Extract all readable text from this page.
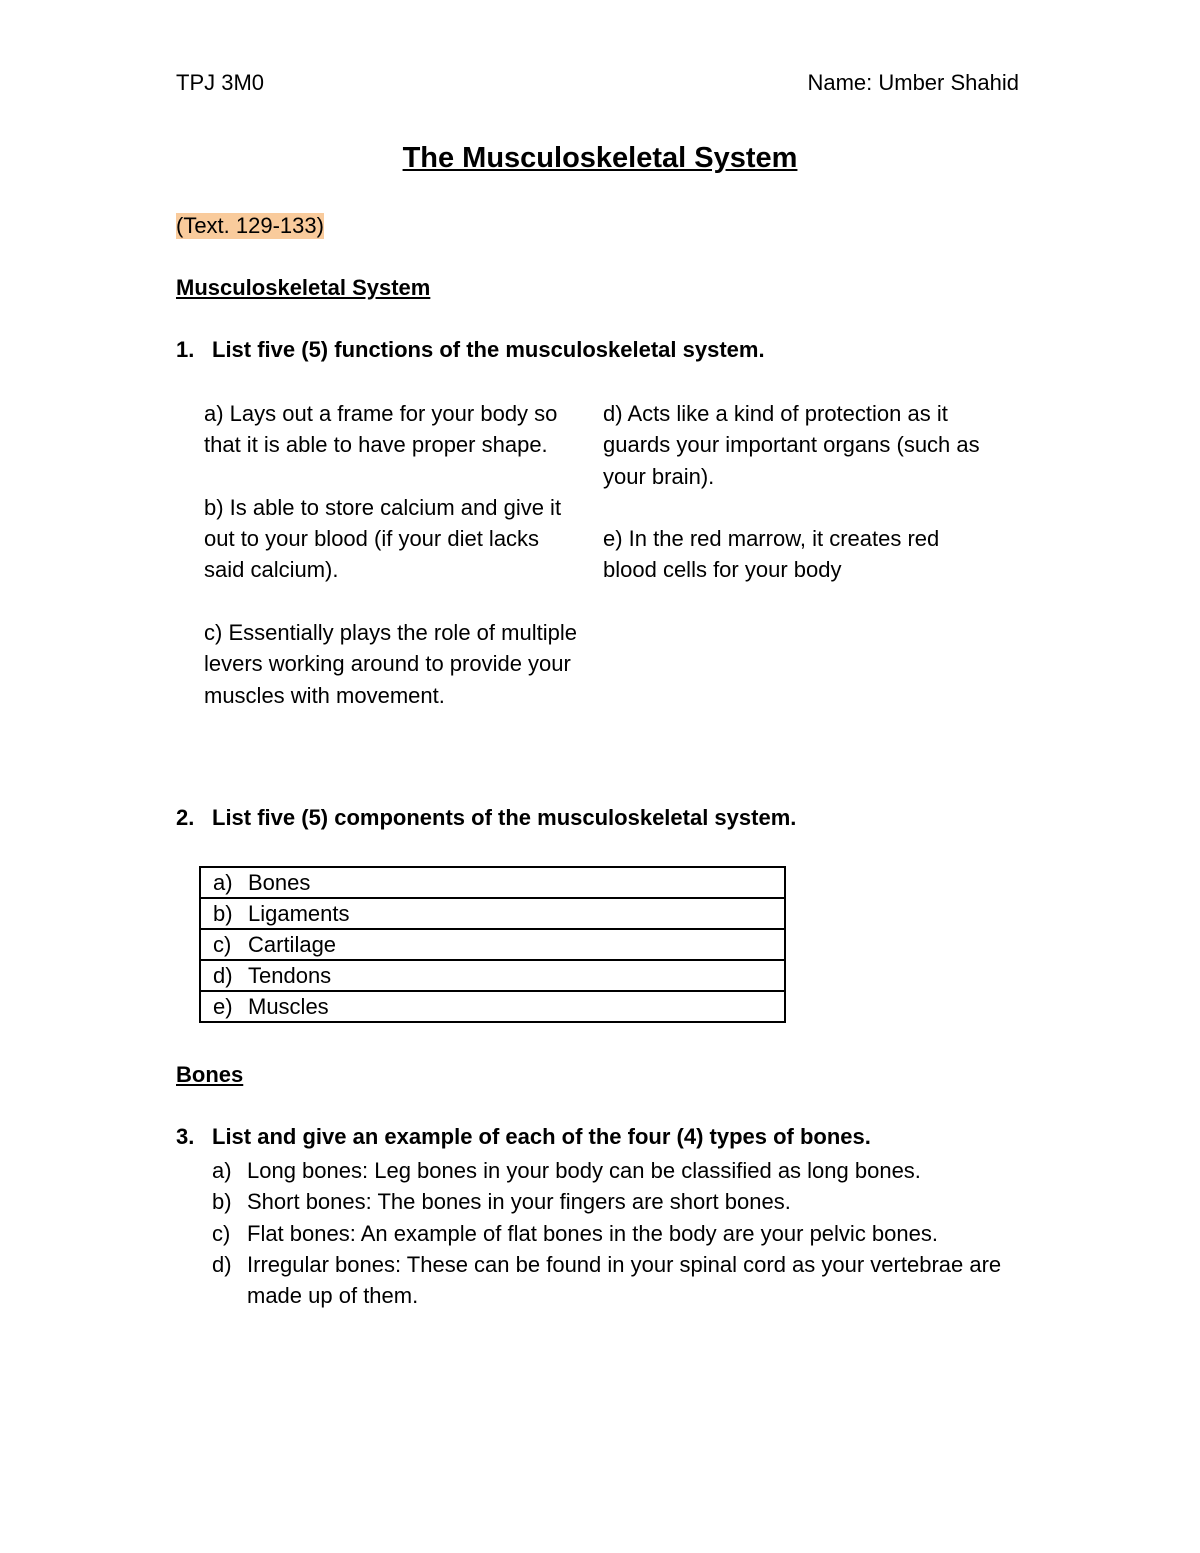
TPJ 3M0	Name: Umber Shahid
The Musculoskeletal System
(Text. 129-133)
Musculoskeletal System
1. List five (5) functions of the musculoskeletal system.

a) Lays out a frame for your body so that it is able to have proper shape.

b) Is able to store calcium and give it out to your blood (if your diet lacks said calcium).

c) Essentially plays the role of multiple levers working around to provide your muscles with movement.

d) Acts like a kind of protection as it guards your important organs (such as your brain).

e) In the red marrow, it creates red blood cells for your body

2. List five (5) components of the musculoskeletal system.
a) Bones
b) Ligaments
c) Cartilage
d) Tendons
e) Muscles
Bones
3. List and give an example of each of the four (4) types of bones.
a) Long bones: Leg bones in your body can be classified as long bones.
b) Short bones: The bones in your fingers are short bones.
c) Flat bones: An example of flat bones in the body are your pelvic bones.
d) Irregular bones: These can be found in your spinal cord as your vertebrae are made up of them.
